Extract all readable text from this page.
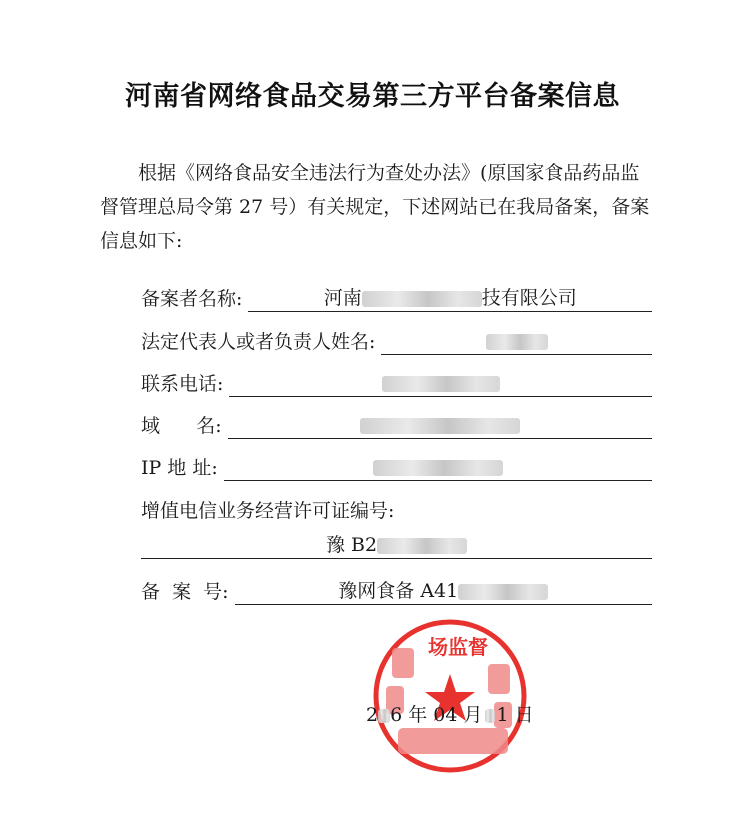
河南省网络食品交易第三方平台备案信息
根据《网络食品安全违法行为查处办法》(原国家食品药品监督管理总局令第 27 号）有关规定，下述网站已在我局备案，备案信息如下:
备案者名称:	河南	技有限公司
法定代表人或者负责人姓名:
联系电话:
域      名:
IP 地 址:
增值电信业务经营许可证编号:
豫 B2
备  案  号:	豫网食备 A41
场监督
2 6 年 04 月 1 日
